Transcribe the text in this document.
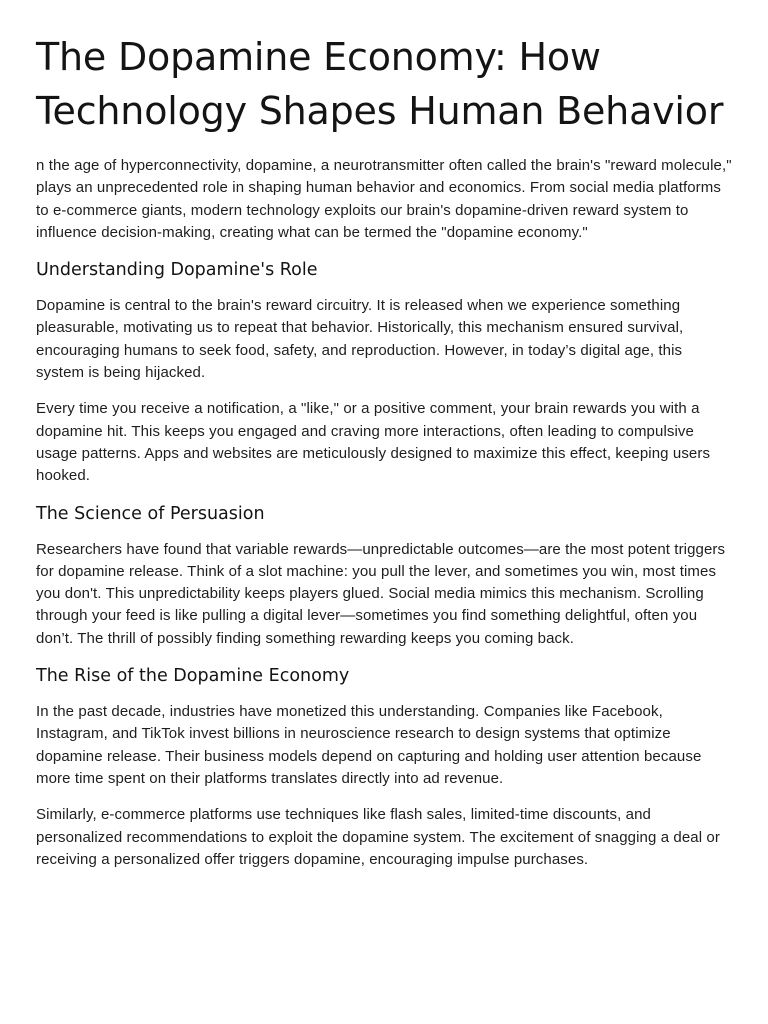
The Dopamine Economy: How Technology Shapes Human Behavior

n the age of hyperconnectivity, dopamine, a neurotransmitter often called the brain's "reward molecule," plays an unprecedented role in shaping human behavior and economics. From social media platforms to e-commerce giants, modern technology exploits our brain's dopamine-driven reward system to influence decision-making, creating what can be termed the "dopamine economy."

Understanding Dopamine's Role

Dopamine is central to the brain's reward circuitry. It is released when we experience something pleasurable, motivating us to repeat that behavior. Historically, this mechanism ensured survival, encouraging humans to seek food, safety, and reproduction. However, in today’s digital age, this system is being hijacked.

Every time you receive a notification, a "like," or a positive comment, your brain rewards you with a dopamine hit. This keeps you engaged and craving more interactions, often leading to compulsive usage patterns. Apps and websites are meticulously designed to maximize this effect, keeping users hooked.

The Science of Persuasion

Researchers have found that variable rewards—unpredictable outcomes—are the most potent triggers for dopamine release. Think of a slot machine: you pull the lever, and sometimes you win, most times you don't. This unpredictability keeps players glued. Social media mimics this mechanism. Scrolling through your feed is like pulling a digital lever—sometimes you find something delightful, often you don’t. The thrill of possibly finding something rewarding keeps you coming back.

The Rise of the Dopamine Economy

In the past decade, industries have monetized this understanding. Companies like Facebook, Instagram, and TikTok invest billions in neuroscience research to design systems that optimize dopamine release. Their business models depend on capturing and holding user attention because more time spent on their platforms translates directly into ad revenue.

Similarly, e-commerce platforms use techniques like flash sales, limited-time discounts, and personalized recommendations to exploit the dopamine system. The excitement of snagging a deal or receiving a personalized offer triggers dopamine, encouraging impulse purchases.
